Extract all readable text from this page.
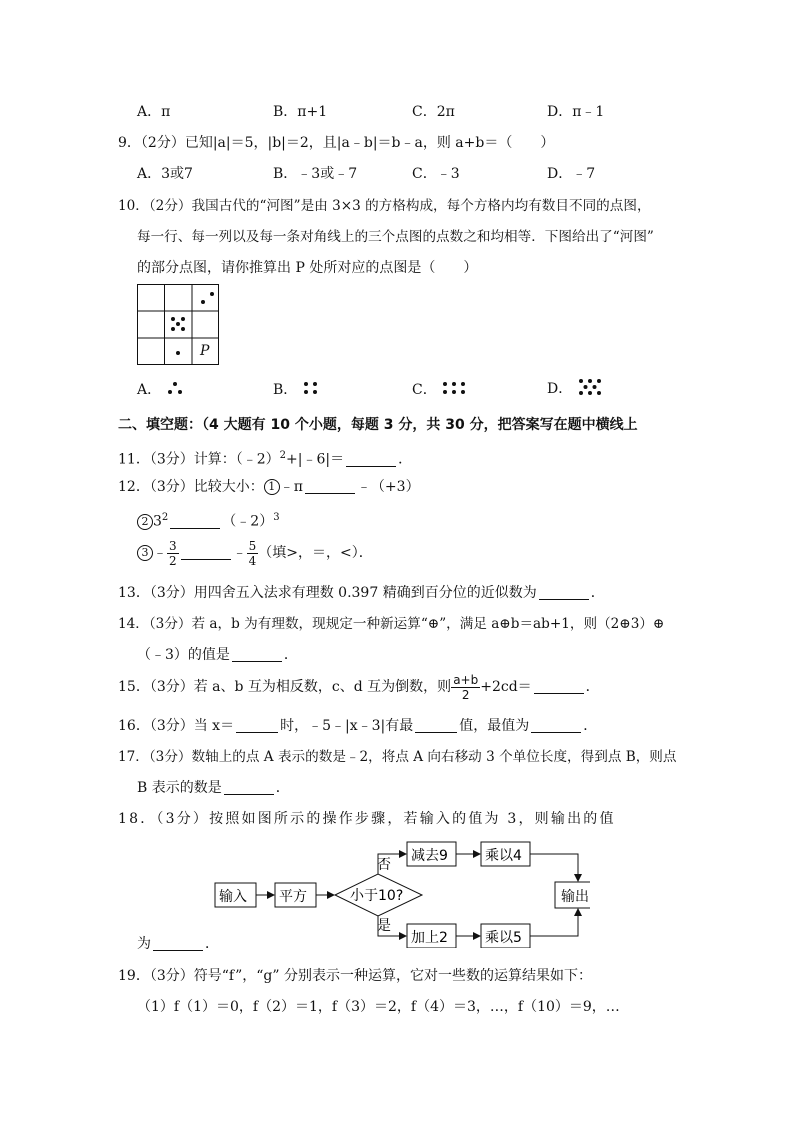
A．π	B．π+1	C．2π	D．π﹣1
9．（2分）已知|a|＝5，|b|＝2，且|a﹣b|＝b﹣a，则 a+b＝（　　）
A．3或7	B．﹣3或﹣7	C．﹣3	D．﹣7
10．（2分）我国古代的“河图”是由 3×3 的方格构成，每个方格内均有数目不同的点图，
每一行、每一列以及每一条对角线上的三个点图的点数之和均相等．下图给出了“河图”
的部分点图，请你推算出 P 处所对应的点图是（　　）
P
A．	B．	C．	D．
二、填空题：（4 大题有 10 个小题，每题 3 分，共 30 分，把答案写在题中横线上
11．（3分）计算：（﹣2）$^2$+|﹣6|＝	．
12．（3分）比较大小： 1 ﹣π	﹣（+3）
2 $3^2$	（﹣2）$^3$
3 ﹣ $\frac{3}{2}$	﹣ $\frac{5}{4}$ （填>，＝，<）．
13．（3分）用四舍五入法求有理数 0.397 精确到百分位的近似数为	．
14．（3分）若 a，b 为有理数，现规定一种新运算“⊕”，满足 a⊕b＝ab+1，则（2⊕3）⊕
（﹣3）的值是	．
15．（3分）若 a、b 互为相反数，c、d 互为倒数，则 $\frac{a+b}{2} +2cd=$	．
16．（3分）当 x＝	时，﹣5﹣|x﹣3|有最	值，最值为	．
17．（3分）数轴上的点 A 表示的数是﹣2，将点 A 向右移动 3 个单位长度，得到点 B，则点
B 表示的数是	．
18．（3分）按照如图所示的操作步骤，若输入的值为 3，则输出的值
输入 平方	小于10?
否
是
减去9	乘以4
加上2	乘以5
输出
为	．
19．（3分）符号“f”，“g” 分别表示一种运算，它对一些数的运算结果如下：
（1）f（1）＝0，f（2）＝1，f（3）＝2，f（4）＝3，…，f（10）＝9，…
